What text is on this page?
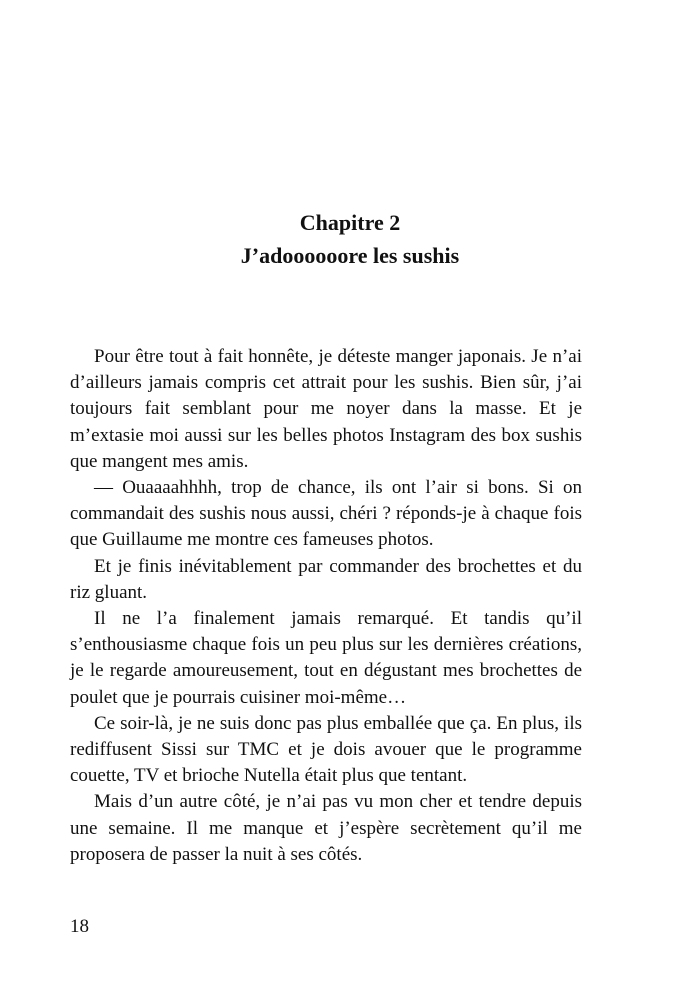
Chapitre 2
J’adoooooore les sushis

Pour être tout à fait honnête, je déteste manger japonais. Je n’ai d’ailleurs jamais compris cet attrait pour les sushis. Bien sûr, j’ai toujours fait semblant pour me noyer dans la masse. Et je m’extasie moi aussi sur les belles photos Instagram des box sushis que mangent mes amis.

— Ouaaaahhhh, trop de chance, ils ont l’air si bons. Si on commandait des sushis nous aussi, chéri ? réponds-je à chaque fois que Guillaume me montre ces fameuses photos.

Et je finis inévitablement par commander des brochettes et du riz gluant.

Il ne l’a finalement jamais remarqué. Et tandis qu’il s’enthousiasme chaque fois un peu plus sur les dernières créations, je le regarde amoureusement, tout en dégustant mes brochettes de poulet que je pourrais cuisiner moi-même…

Ce soir-là, je ne suis donc pas plus emballée que ça. En plus, ils rediffusent Sissi sur TMC et je dois avouer que le programme couette, TV et brioche Nutella était plus que tentant.

Mais d’un autre côté, je n’ai pas vu mon cher et tendre depuis une semaine. Il me manque et j’espère secrètement qu’il me proposera de passer la nuit à ses côtés.

18
